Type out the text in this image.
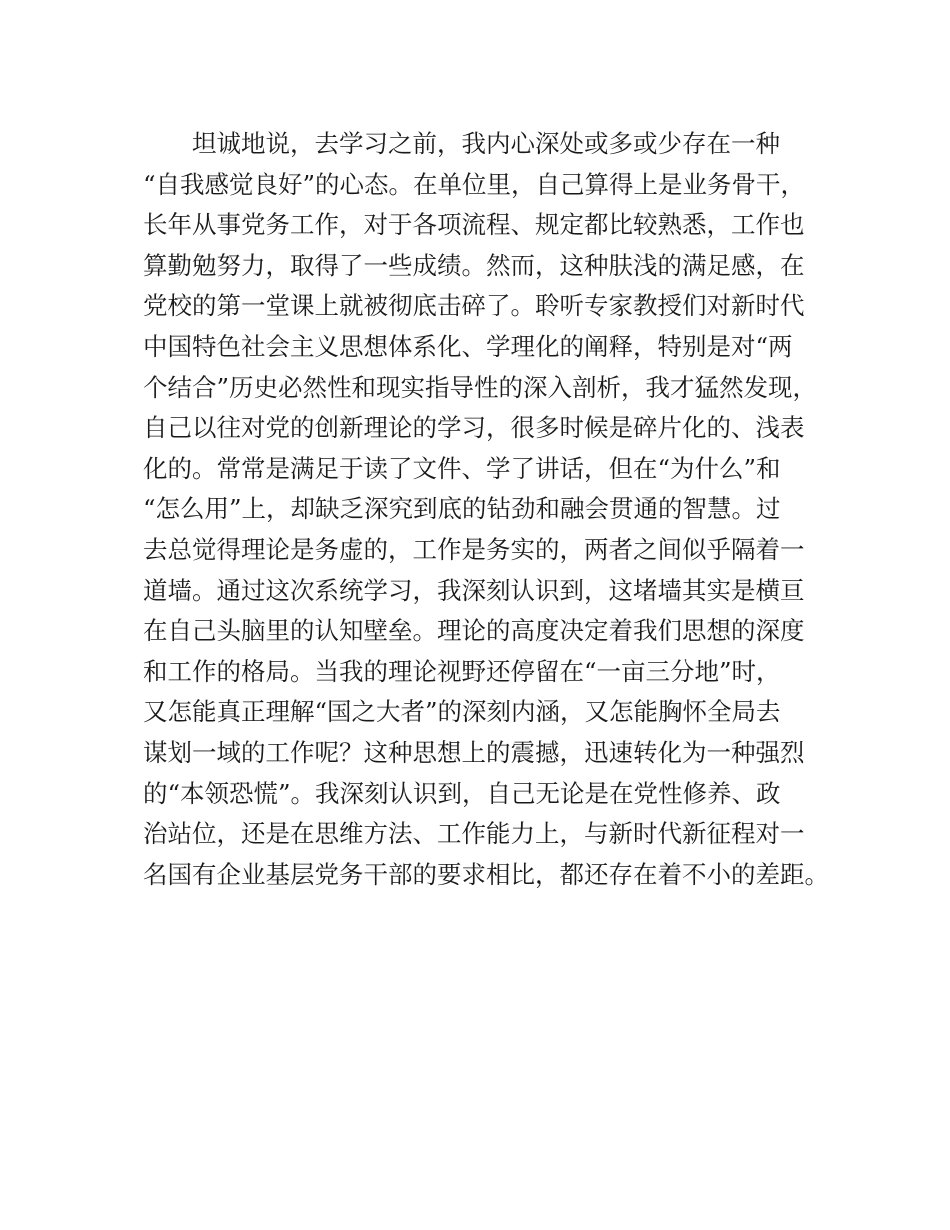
坦诚地说，去学习之前，我内心深处或多或少存在一种
“自我感觉良好”的心态。在单位里，自己算得上是业务骨干，
长年从事党务工作，对于各项流程、规定都比较熟悉，工作也
算勤勉努力，取得了一些成绩。然而，这种肤浅的满足感，在
党校的第一堂课上就被彻底击碎了。聆听专家教授们对新时代
中国特色社会主义思想体系化、学理化的阐释，特别是对“两
个结合”历史必然性和现实指导性的深入剖析，我才猛然发现，
自己以往对党的创新理论的学习，很多时候是碎片化的、浅表
化的。常常是满足于读了文件、学了讲话，但在“为什么”和
“怎么用”上，却缺乏深究到底的钻劲和融会贯通的智慧。过
去总觉得理论是务虚的，工作是务实的，两者之间似乎隔着一
道墙。通过这次系统学习，我深刻认识到，这堵墙其实是横亘
在自己头脑里的认知壁垒。理论的高度决定着我们思想的深度
和工作的格局。当我的理论视野还停留在“一亩三分地”时，
又怎能真正理解“国之大者”的深刻内涵，又怎能胸怀全局去
谋划一域的工作呢？这种思想上的震撼，迅速转化为一种强烈
的“本领恐慌”。我深刻认识到，自己无论是在党性修养、政
治站位，还是在思维方法、工作能力上，与新时代新征程对一
名国有企业基层党务干部的要求相比，都还存在着不小的差距。
